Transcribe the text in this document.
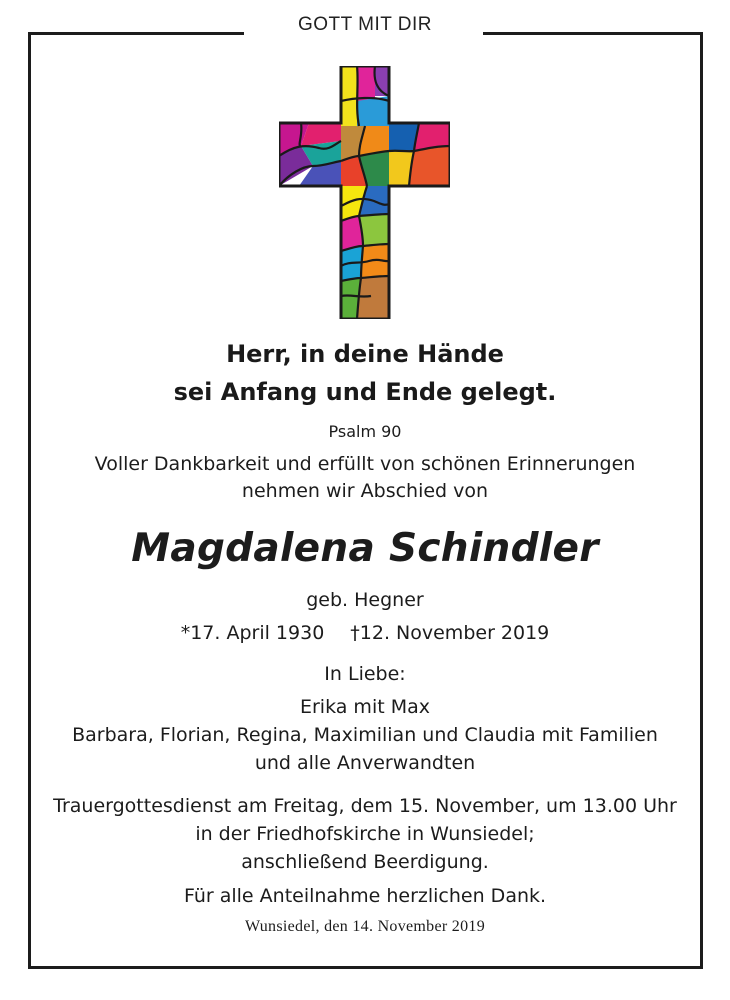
GOTT MIT DIR
Herr, in deine Hände
sei Anfang und Ende gelegt.
Psalm 90
Voller Dankbarkeit und erfüllt von schönen Erinnerungen
nehmen wir Abschied von
Magdalena Schindler
geb. Hegner
*17. April 1930 †12. November 2019
In Liebe:
Erika mit Max
Barbara, Florian, Regina, Maximilian und Claudia mit Familien
und alle Anverwandten
Trauergottesdienst am Freitag, dem 15. November, um 13.00 Uhr
in der Friedhofskirche in Wunsiedel;
anschließend Beerdigung.
Für alle Anteilnahme herzlichen Dank.
Wunsiedel, den 14. November 2019
